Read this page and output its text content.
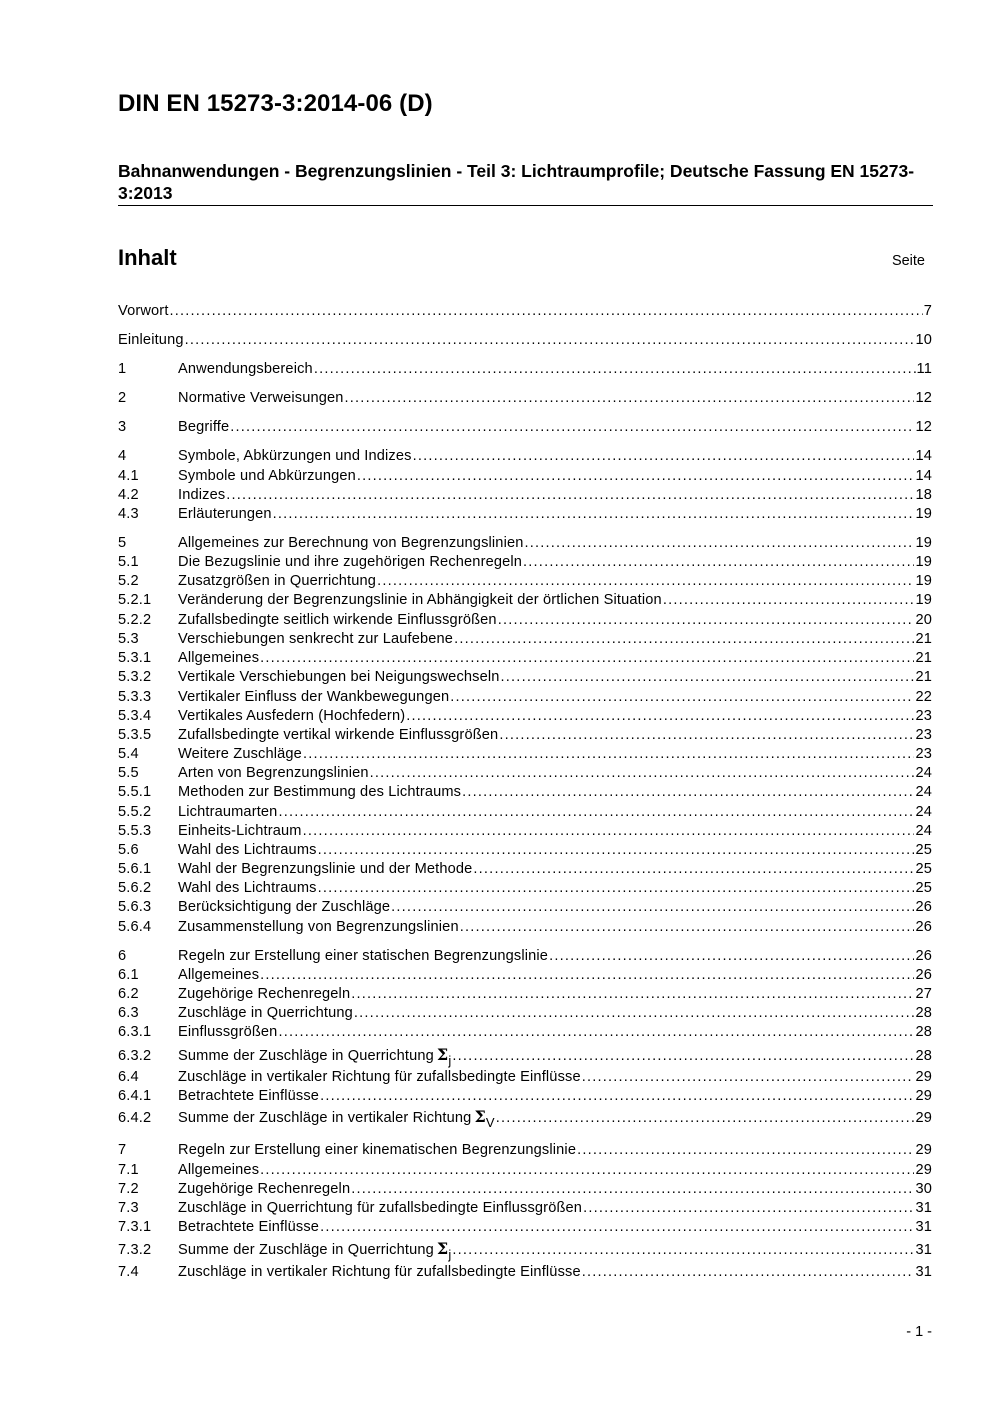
DIN EN 15273-3:2014-06 (D)
Bahnanwendungen - Begrenzungslinien - Teil 3: Lichtraumprofile; Deutsche Fassung EN 15273-3:2013
Inhalt	Seite
Vorwort .....	7
Einleitung .....	10
1	Anwendungsbereich .....	11
2	Normative Verweisungen .....	12
3	Begriffe .....	12
4	Symbole, Abkürzungen und Indizes .....	14
4.1	Symbole und Abkürzungen .....	14
4.2	Indizes .....	18
4.3	Erläuterungen .....	19
5	Allgemeines zur Berechnung von Begrenzungslinien .....	19
5.1	Die Bezugslinie und ihre zugehörigen Rechenregeln .....	19
5.2	Zusatzgrößen in Querrichtung .....	19
5.2.1	Veränderung der Begrenzungslinie in Abhängigkeit der örtlichen Situation .....	19
5.2.2	Zufallsbedingte seitlich wirkende Einflussgrößen .....	20
5.3	Verschiebungen senkrecht zur Laufebene .....	21
5.3.1	Allgemeines .....	21
5.3.2	Vertikale Verschiebungen bei Neigungswechseln .....	21
5.3.3	Vertikaler Einfluss der Wankbewegungen .....	22
5.3.4	Vertikales Ausfedern (Hochfedern) .....	23
5.3.5	Zufallsbedingte vertikal wirkende Einflussgrößen .....	23
5.4	Weitere Zuschläge .....	23
5.5	Arten von Begrenzungslinien .....	24
5.5.1	Methoden zur Bestimmung des Lichtraums .....	24
5.5.2	Lichtraumarten .....	24
5.5.3	Einheits-Lichtraum .....	24
5.6	Wahl des Lichtraums .....	25
5.6.1	Wahl der Begrenzungslinie und der Methode .....	25
5.6.2	Wahl des Lichtraums .....	25
5.6.3	Berücksichtigung der Zuschläge .....	26
5.6.4	Zusammenstellung von Begrenzungslinien .....	26
6	Regeln zur Erstellung einer statischen Begrenzungslinie .....	26
6.1	Allgemeines .....	26
6.2	Zugehörige Rechenregeln .....	27
6.3	Zuschläge in Querrichtung .....	28
6.3.1	Einflussgrößen .....	28
6.3.2	Summe der Zuschläge in Querrichtung $\Sigma_j$ .....	28
6.4	Zuschläge in vertikaler Richtung für zufallsbedingte Einflüsse .....	29
6.4.1	Betrachtete Einflüsse .....	29
6.4.2	Summe der Zuschläge in vertikaler Richtung $\Sigma_V$ .....	29
7	Regeln zur Erstellung einer kinematischen Begrenzungslinie .....	29
7.1	Allgemeines .....	29
7.2	Zugehörige Rechenregeln .....	30
7.3	Zuschläge in Querrichtung für zufallsbedingte Einflussgrößen .....	31
7.3.1	Betrachtete Einflüsse .....	31
7.3.2	Summe der Zuschläge in Querrichtung $\Sigma_j$ .....	31
7.4	Zuschläge in vertikaler Richtung für zufallsbedingte Einflüsse .....	31
- 1 -
